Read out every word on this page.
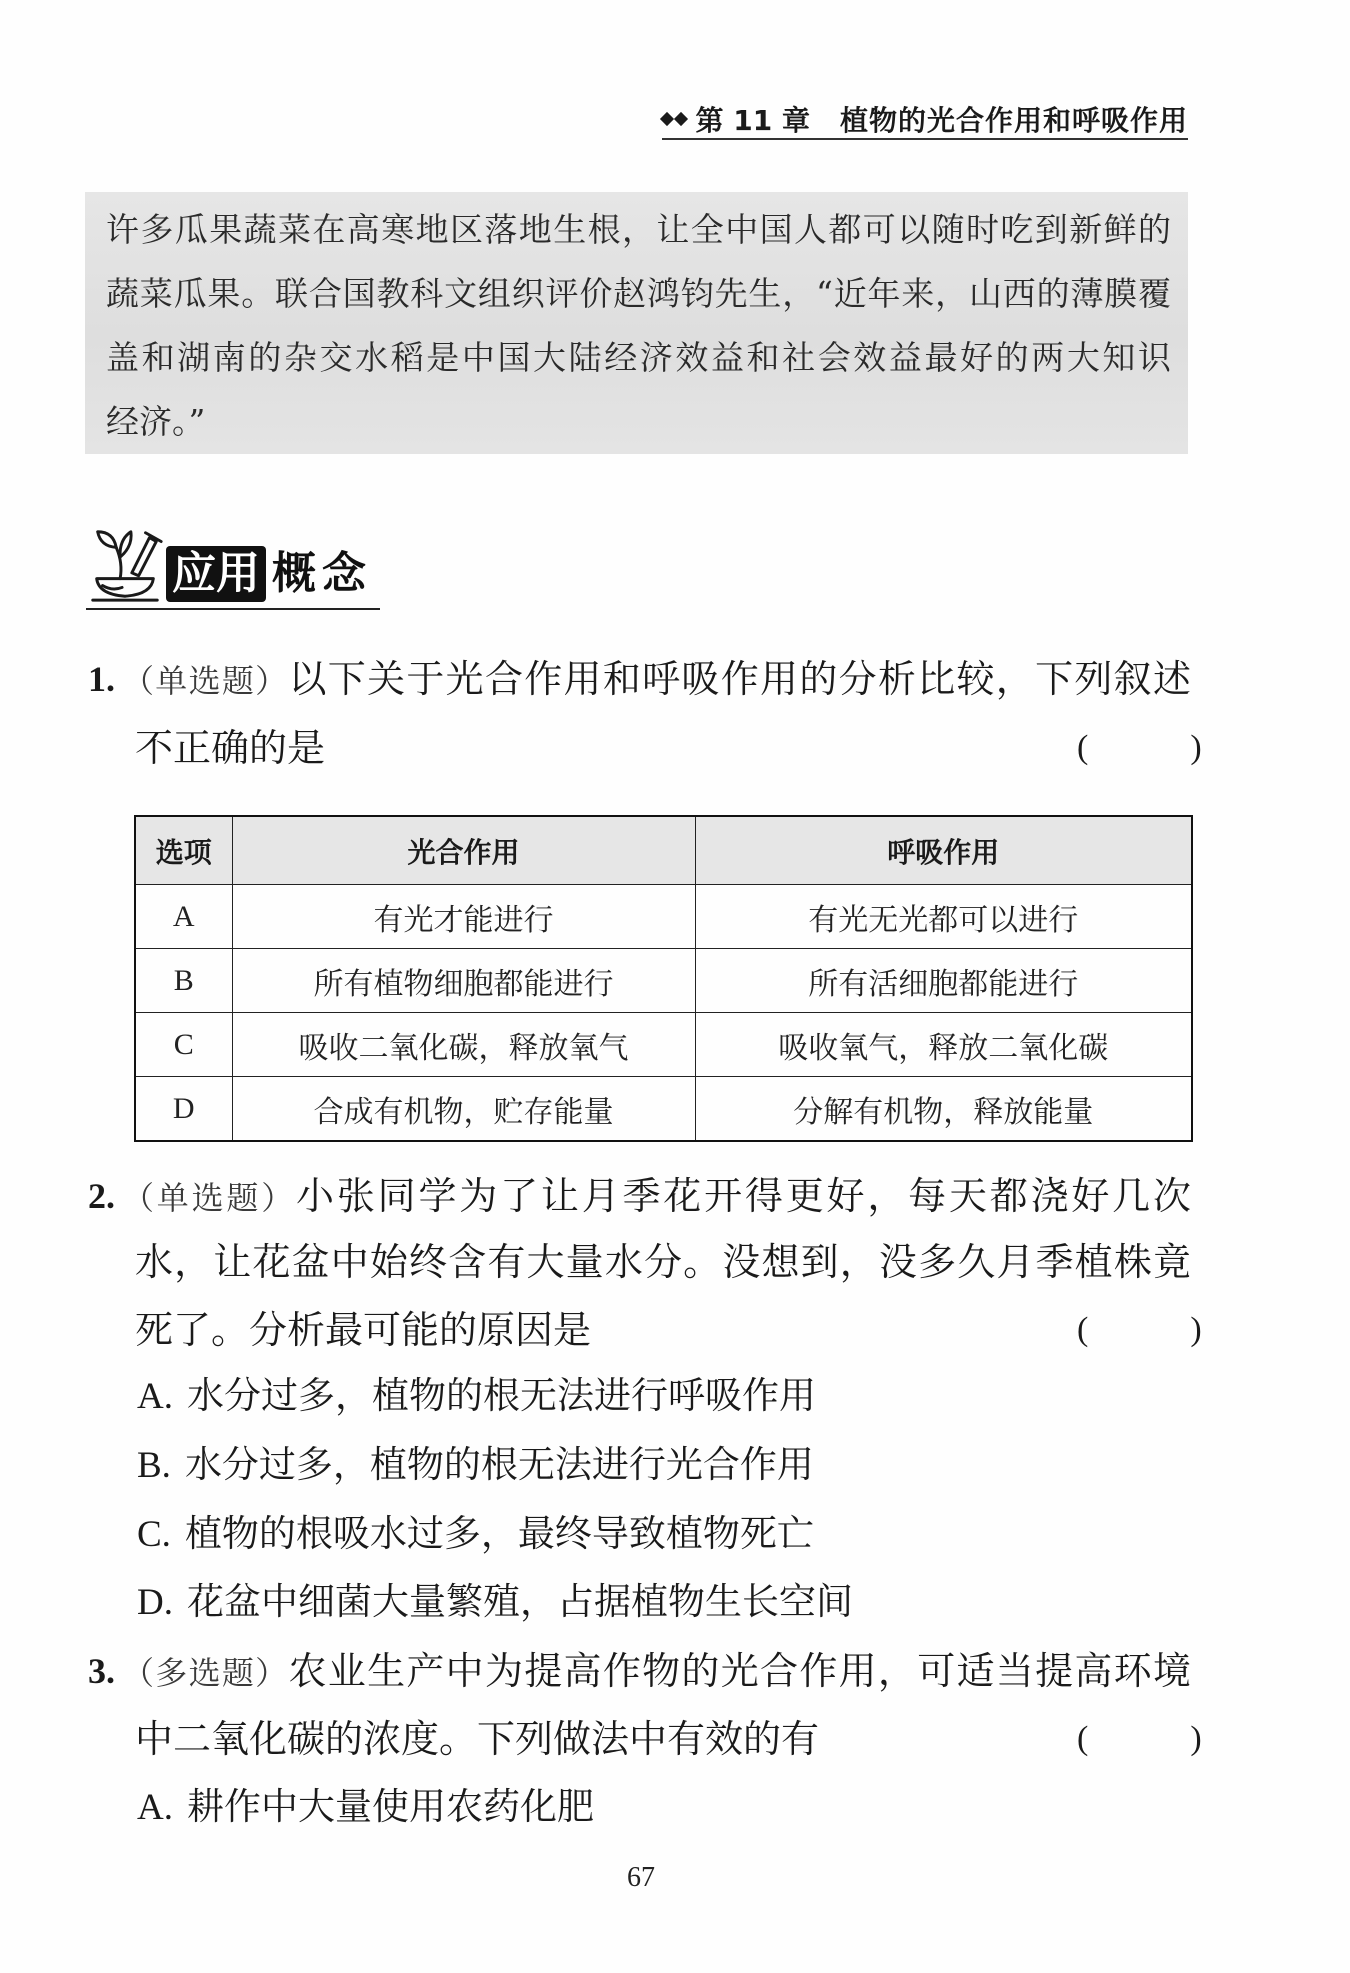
第 11 章 植物的光合作用和呼吸作用
许多瓜果蔬菜在高寒地区落地生根，让全中国人都可以随时吃到新鲜的
蔬菜瓜果。联合国教科文组织评价赵鸿钧先生，“近年来，山西的薄膜覆
盖和湖南的杂交水稻是中国大陆经济效益和社会效益最好的两大知识
经济。”
应用 概念
1. （单选题）以下关于光合作用和呼吸作用的分析比较，下列叙述
不正确的是	(　　　)
选项	光合作用	呼吸作用
A	有光才能进行	有光无光都可以进行
B	所有植物细胞都能进行	所有活细胞都能进行
C	吸收二氧化碳，释放氧气	吸收氧气，释放二氧化碳
D	合成有机物，贮存能量	分解有机物，释放能量
2. （单选题）小张同学为了让月季花开得更好，每天都浇好几次
水，让花盆中始终含有大量水分。没想到，没多久月季植株竟
死了。分析最可能的原因是	(　　　)
A. 水分过多，植物的根无法进行呼吸作用
B. 水分过多，植物的根无法进行光合作用
C. 植物的根吸水过多，最终导致植物死亡
D. 花盆中细菌大量繁殖，占据植物生长空间
3. （多选题）农业生产中为提高作物的光合作用，可适当提高环境
中二氧化碳的浓度。下列做法中有效的有	(　　　)
A. 耕作中大量使用农药化肥
67
